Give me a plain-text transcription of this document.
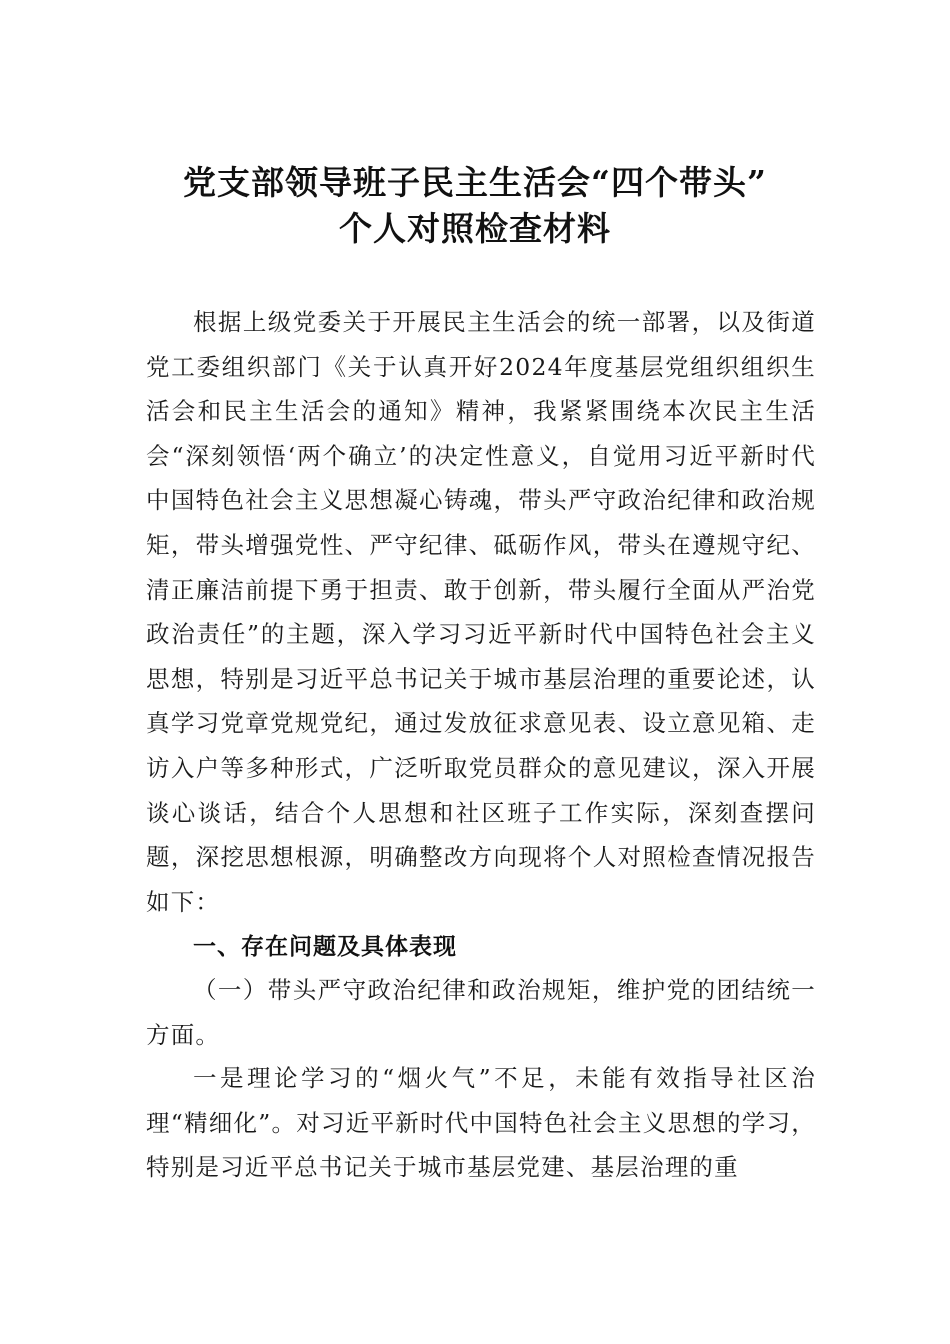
党支部领导班子民主生活会“四个带头”
个人对照检查材料

根据上级党委关于开展民主生活会的统一部署，以及街道党工委组织部门《关于认真开好2024年度基层党组织组织生活会和民主生活会的通知》精神，我紧紧围绕本次民主生活会“深刻领悟‘两个确立’的决定性意义，自觉用习近平新时代中国特色社会主义思想凝心铸魂，带头严守政治纪律和政治规矩，带头增强党性、严守纪律、砥砺作风，带头在遵规守纪、清正廉洁前提下勇于担责、敢于创新，带头履行全面从严治党政治责任”的主题，深入学习习近平新时代中国特色社会主义思想，特别是习近平总书记关于城市基层治理的重要论述，认真学习党章党规党纪，通过发放征求意见表、设立意见箱、走访入户等多种形式，广泛听取党员群众的意见建议，深入开展谈心谈话，结合个人思想和社区班子工作实际，深刻查摆问题，深挖思想根源，明确整改方向现将个人对照检查情况报告如下：

一、存在问题及具体表现

（一）带头严守政治纪律和政治规矩，维护党的团结统一方面。

一是理论学习的“烟火气”不足，未能有效指导社区治理“精细化”。对习近平新时代中国特色社会主义思想的学习，特别是习近平总书记关于城市基层党建、基层治理的重
